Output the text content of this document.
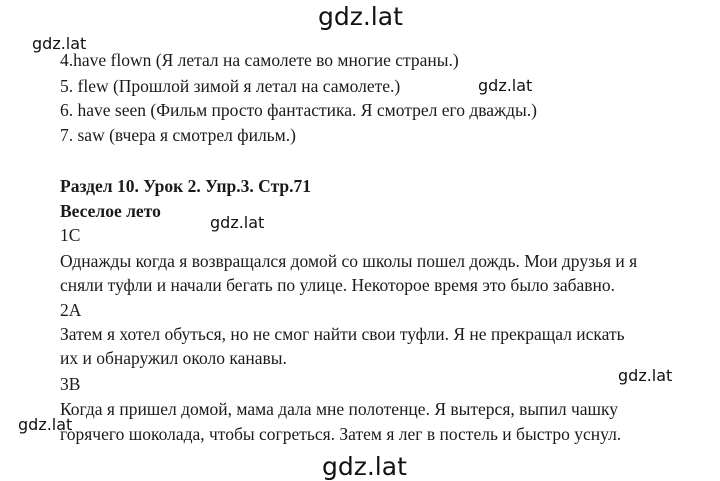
gdz.lat
4.have flown (Я летал на самолете во многие страны.)
5. flew (Прошлой зимой я летал на самолете.)
6. have seen (Фильм просто фантастика. Я смотрел его дважды.)
7. saw (вчера я смотрел фильм.)
Раздел 10. Урок 2. Упр.3. Стр.71
Веселое лето
1C
Однажды когда я возвращался домой со школы пошел дождь. Мои друзья и я
сняли туфли и начали бегать по улице. Некоторое время это было забавно.
2A
Затем я хотел обуться, но не смог найти свои туфли. Я не прекращал искать
их и обнаружил около канавы.
3B
Когда я пришел домой, мама дала мне полотенце. Я вытерся, выпил чашку
горячего шоколада, чтобы согреться. Затем я лег в постель и быстро уснул.
gdz.lat
gdz.lat
gdz.lat
gdz.lat
gdz.lat
gdz.lat
